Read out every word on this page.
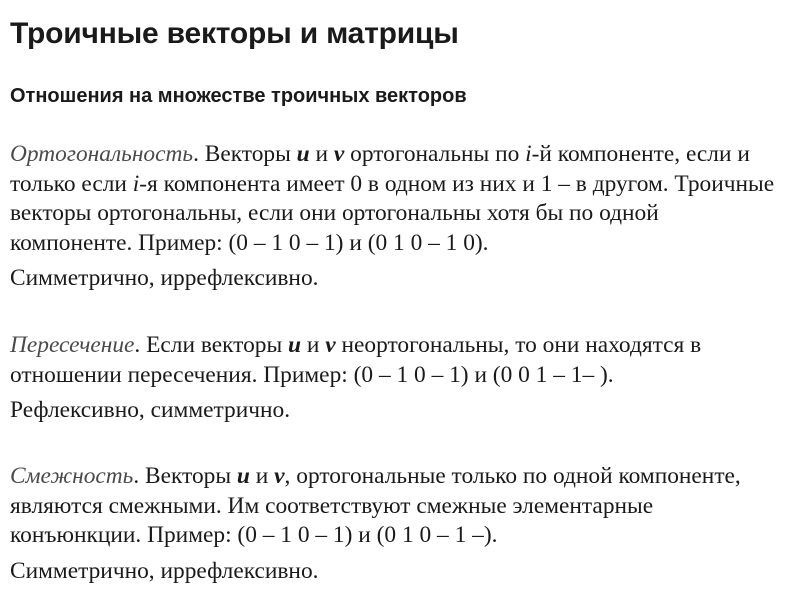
Троичные векторы и матрицы
Отношения на множестве троичных векторов

Ортогональность. Векторы u и v ортогональны по i-й компоненте, если и только если i-я компонента имеет 0 в одном из них и 1 – в другом. Троичные векторы ортогональны, если они ортогональны хотя бы по одной компоненте. Пример: (0 – 1 0 – 1) и (0 1 0 – 1 0).

Симметрично, иррефлексивно.

Пересечение. Если векторы u и v неортогональны, то они находятся в отношении пересечения. Пример: (0 – 1 0 – 1) и (0 0 1 – 1– ).

Рефлексивно, симметрично.

Смежность. Векторы u и v, ортогональные только по одной компоненте, являются смежными. Им соответствуют смежные элементарные конъюнкции. Пример: (0 – 1 0 – 1) и (0 1 0 – 1 –).

Симметрично, иррефлексивно.
